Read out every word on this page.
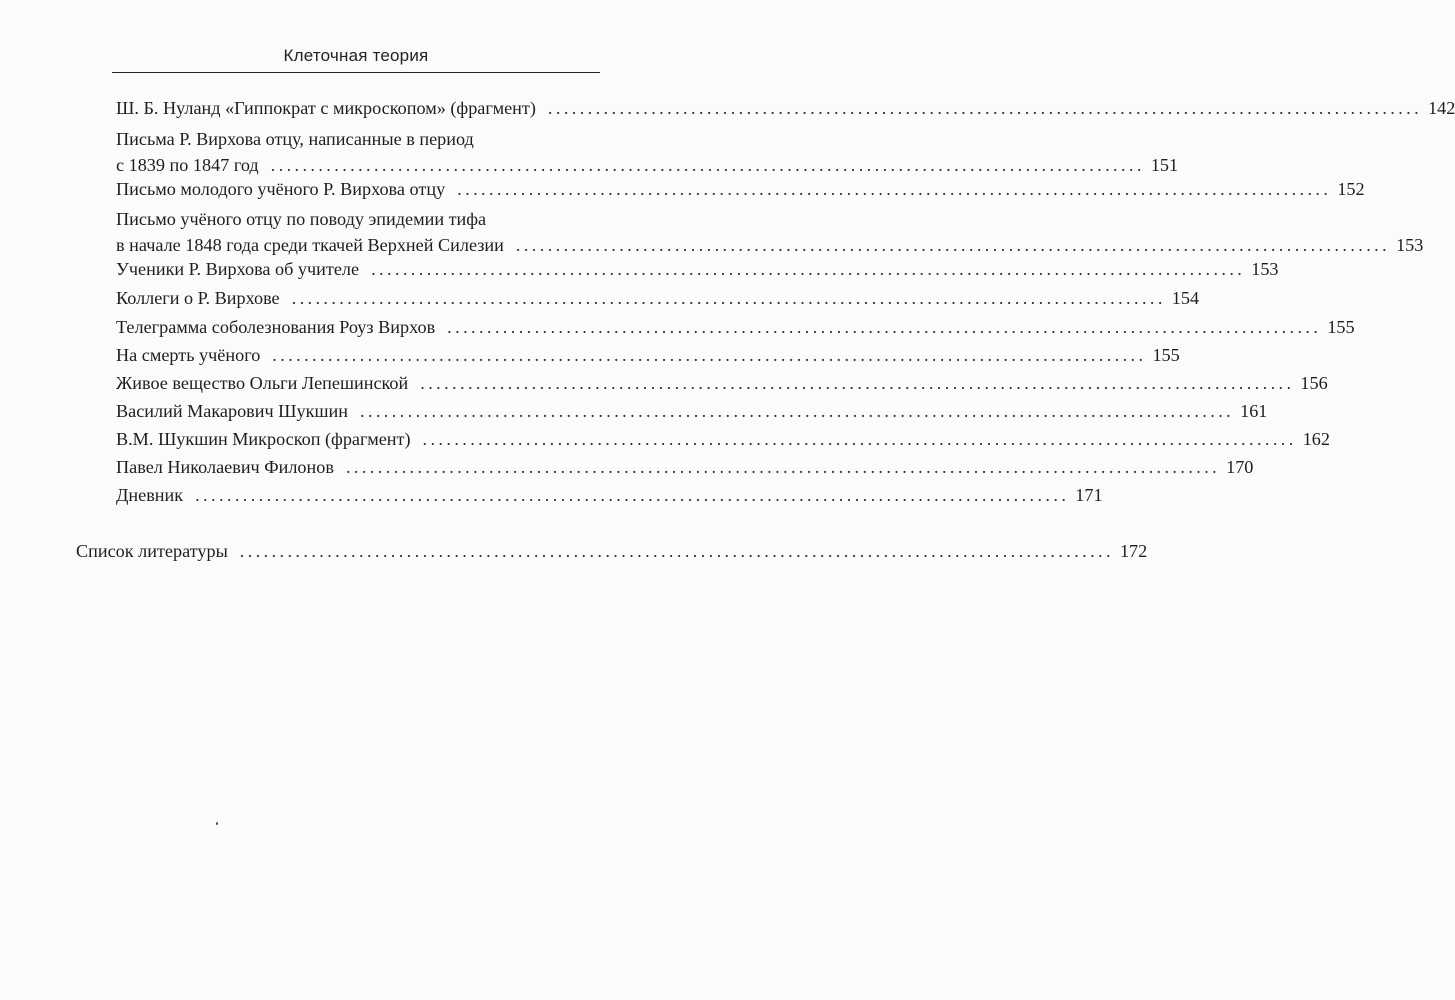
Клеточная теория
Ш. Б. Нуланд «Гиппократ с микроскопом» (фрагмент) .............................................................................................................. 142
Письма Р. Вирхова отцу, написанные в период
с 1839 по 1847 год .............................................................................................................. 151
Письмо молодого учёного Р. Вирхова отцу .............................................................................................................. 152
Письмо учёного отцу по поводу эпидемии тифа
в начале 1848 года среди ткачей Верхней Силезии .............................................................................................................. 153
Ученики Р. Вирхова об учителе .............................................................................................................. 153
Коллеги о Р. Вирхове .............................................................................................................. 154
Телеграмма соболезнования Роуз Вирхов .............................................................................................................. 155
На смерть учёного .............................................................................................................. 155
Живое вещество Ольги Лепешинской .............................................................................................................. 156
Василий Макарович Шукшин .............................................................................................................. 161
В.М. Шукшин Микроскоп (фрагмент) .............................................................................................................. 162
Павел Николаевич Филонов .............................................................................................................. 170
Дневник .............................................................................................................. 171
Список литературы .............................................................................................................. 172
